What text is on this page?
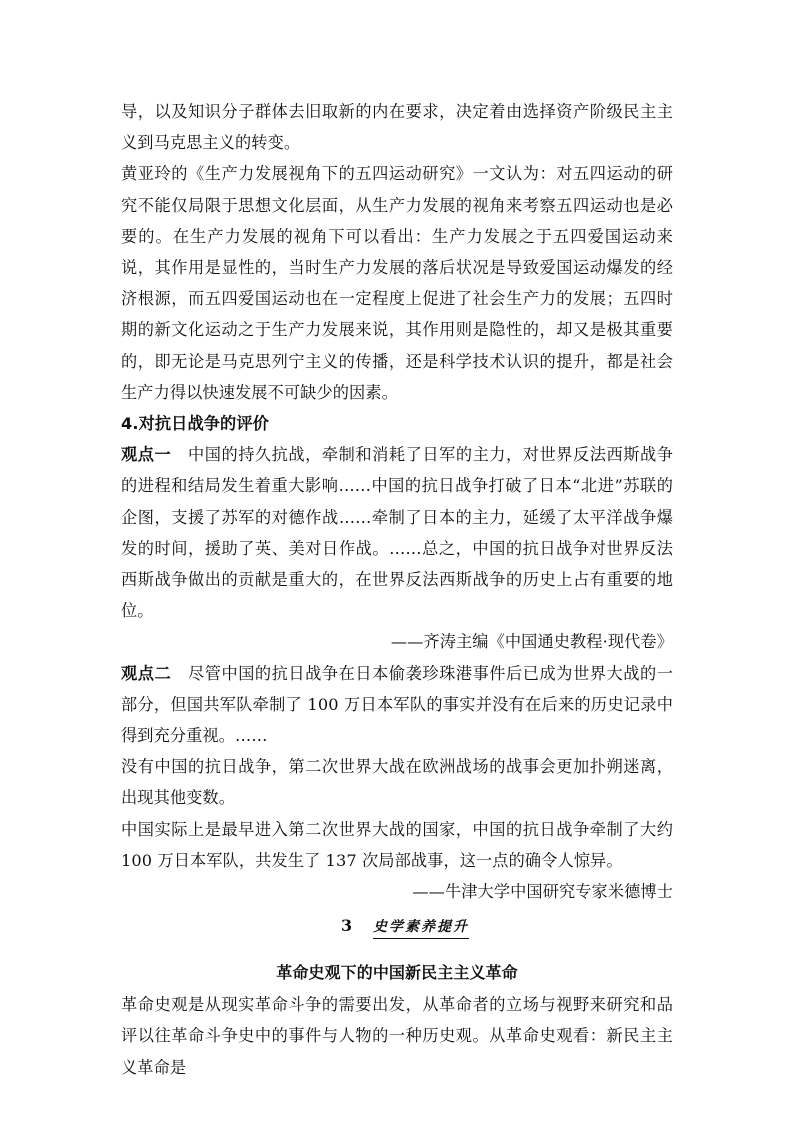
导，以及知识分子群体去旧取新的内在要求，决定着由选择资产阶级民主主义到马克思主义的转变。

黄亚玲的《生产力发展视角下的五四运动研究》一文认为：对五四运动的研究不能仅局限于思想文化层面，从生产力发展的视角来考察五四运动也是必要的。在生产力发展的视角下可以看出：生产力发展之于五四爱国运动来说，其作用是显性的，当时生产力发展的落后状况是导致爱国运动爆发的经济根源，而五四爱国运动也在一定程度上促进了社会生产力的发展；五四时期的新文化运动之于生产力发展来说，其作用则是隐性的，却又是极其重要的，即无论是马克思列宁主义的传播，还是科学技术认识的提升，都是社会生产力得以快速发展不可缺少的因素。

4.对抗日战争的评价

观点一　中国的持久抗战，牵制和消耗了日军的主力，对世界反法西斯战争的进程和结局发生着重大影响……中国的抗日战争打破了日本“北进”苏联的企图，支援了苏军的对德作战……牵制了日本的主力，延缓了太平洋战争爆发的时间，援助了英、美对日作战。……总之，中国的抗日战争对世界反法西斯战争做出的贡献是重大的，在世界反法西斯战争的历史上占有重要的地位。

——齐涛主编《中国通史教程·现代卷》

观点二　尽管中国的抗日战争在日本偷袭珍珠港事件后已成为世界大战的一部分，但国共军队牵制了 100 万日本军队的事实并没有在后来的历史记录中得到充分重视。……

没有中国的抗日战争，第二次世界大战在欧洲战场的战事会更加扑朔迷离，出现其他变数。

中国实际上是最早进入第二次世界大战的国家，中国的抗日战争牵制了大约 100 万日本军队，共发生了 137 次局部战事，这一点的确令人惊异。

——牛津大学中国研究专家米德博士

3 史学素养提升

革命史观下的中国新民主主义革命

革命史观是从现实革命斗争的需要出发，从革命者的立场与视野来研究和品评以往革命斗争史中的事件与人物的一种历史观。从革命史观看：新民主主义革命是
